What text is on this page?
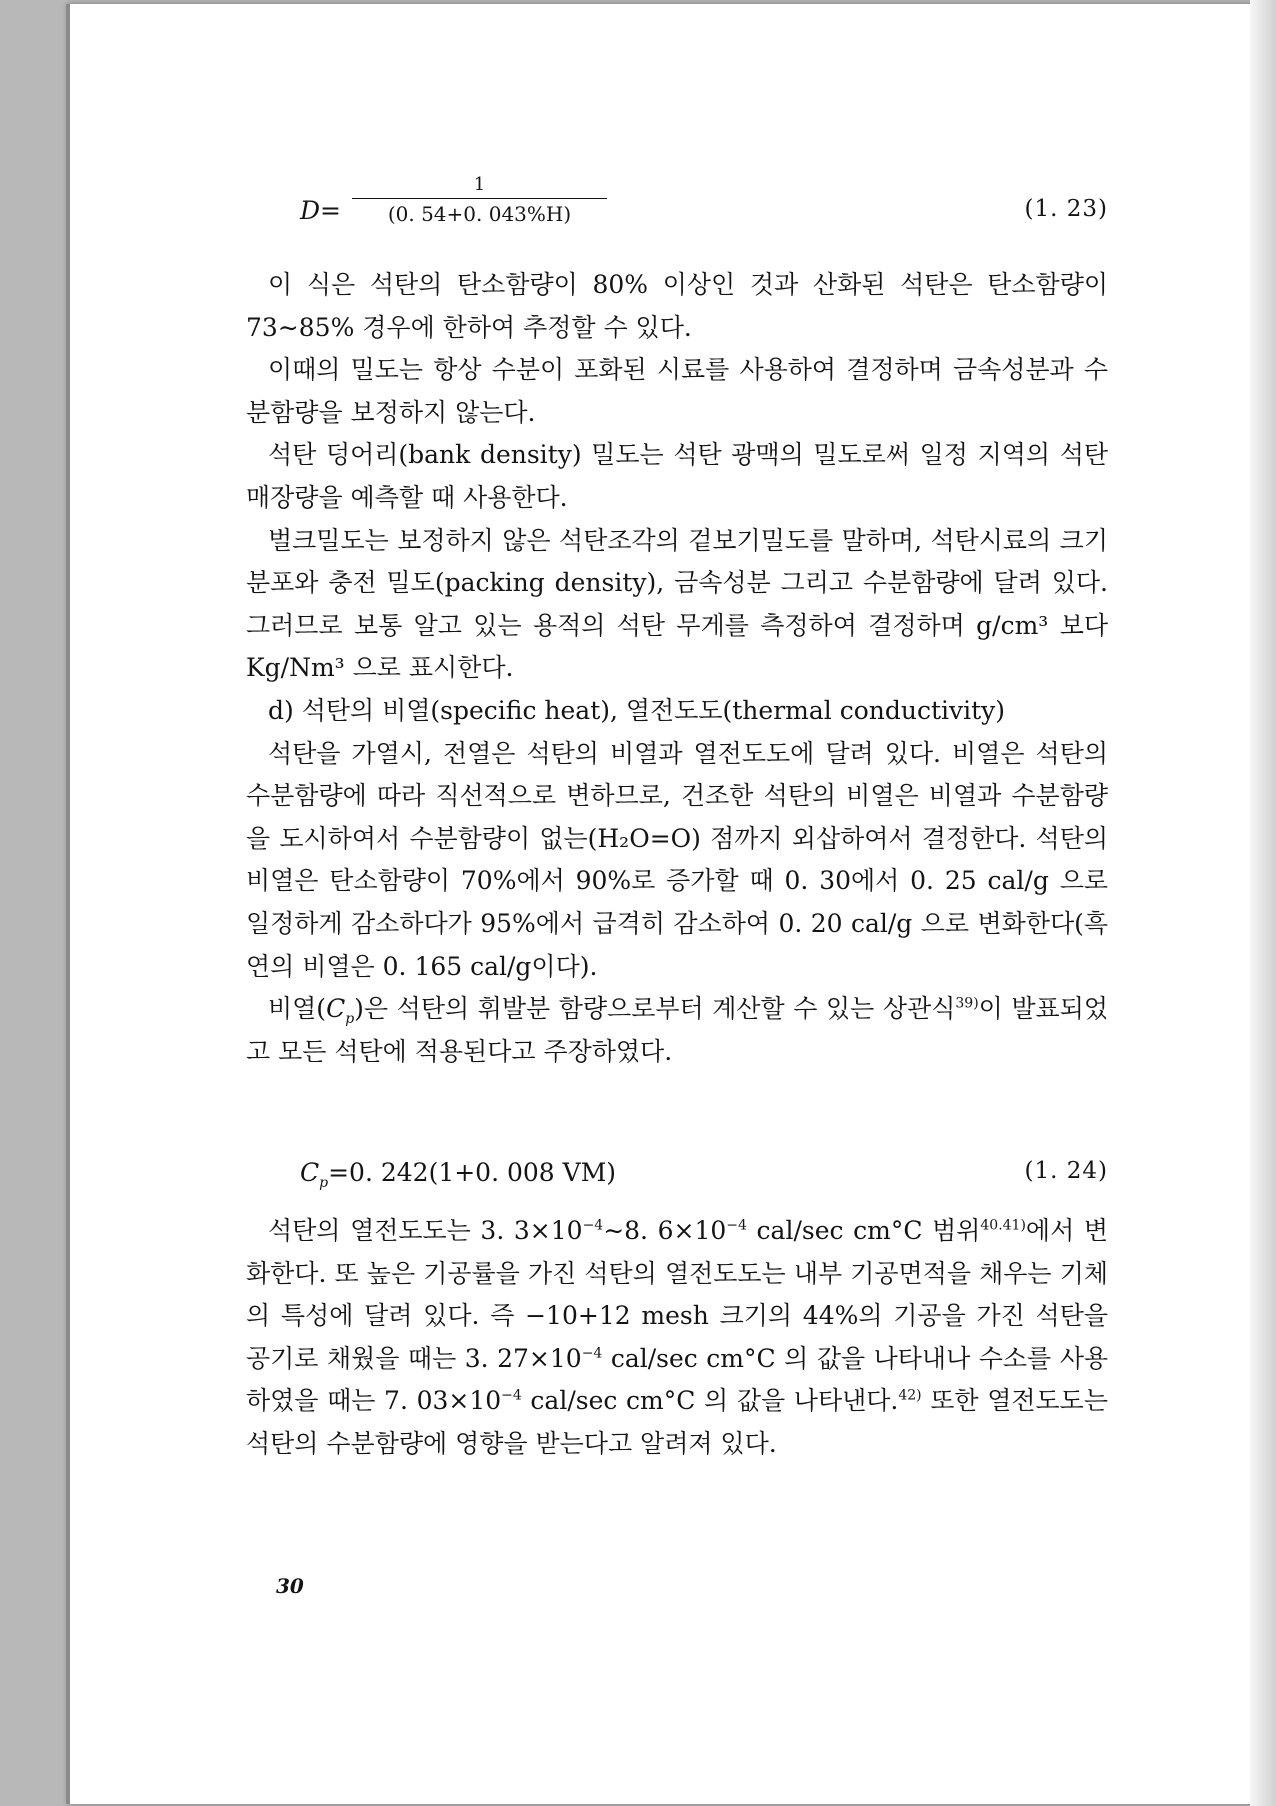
D=
1
(0. 54+0. 043%H)	(1. 23)

이 식은 석탄의 탄소함량이 80% 이상인 것과 산화된 석탄은 탄소함량이 73∼85% 경우에 한하여 추정할 수 있다.

이때의 밀도는 항상 수분이 포화된 시료를 사용하여 결정하며 금속성분과 수분함량을 보정하지 않는다.

석탄 덩어리(bank density) 밀도는 석탄 광맥의 밀도로써 일정 지역의 석탄 매장량을 예측할 때 사용한다.

벌크밀도는 보정하지 않은 석탄조각의 겉보기밀도를 말하며, 석탄시료의 크기 분포와 충전 밀도(packing density), 금속성분 그리고 수분함량에 달려 있다. 그러므로 보통 알고 있는 용적의 석탄 무게를 측정하여 결정하며 g/cm³ 보다 Kg/Nm³ 으로 표시한다.

d) 석탄의 비열(specific heat), 열전도도(thermal conductivity)

석탄을 가열시, 전열은 석탄의 비열과 열전도도에 달려 있다. 비열은 석탄의 수분함량에 따라 직선적으로 변하므로, 건조한 석탄의 비열은 비열과 수분함량을 도시하여서 수분함량이 없는(H₂O=O) 점까지 외삽하여서 결정한다. 석탄의 비열은 탄소함량이 70%에서 90%로 증가할 때 0. 30에서 0. 25 cal/g 으로 일정하게 감소하다가 95%에서 급격히 감소하여 0. 20 cal/g 으로 변화한다(흑연의 비열은 0. 165 cal/g이다).

비열$(C_p)$은 석탄의 휘발분 함량으로부터 계산할 수 있는 상관식$^{39)}$이 발표되었고 모든 석탄에 적용된다고 주장하였다.

$C_p=0$. 242(1+0. 008 VM)	(1. 24)

석탄의 열전도도는 3. $3\times 10^{-4}\sim 8$. $6\times 10^{-4}$ cal/sec cm°C 범위$^{40.41)}$에서 변화한다. 또 높은 기공률을 가진 석탄의 열전도도는 내부 기공면적을 채우는 기체의 특성에 달려 있다. 즉 −10+12 mesh 크기의 44%의 기공을 가진 석탄을 공기로 채웠을 때는 3. $27\times 10^{-4}$ cal/sec cm°C 의 값을 나타내나 수소를 사용하였을 때는 7. $03\times 10^{-4}$ cal/sec cm°C 의 값을 나타낸다.$^{42)}$ 또한 열전도도는 석탄의 수분함량에 영향을 받는다고 알려져 있다.

30
